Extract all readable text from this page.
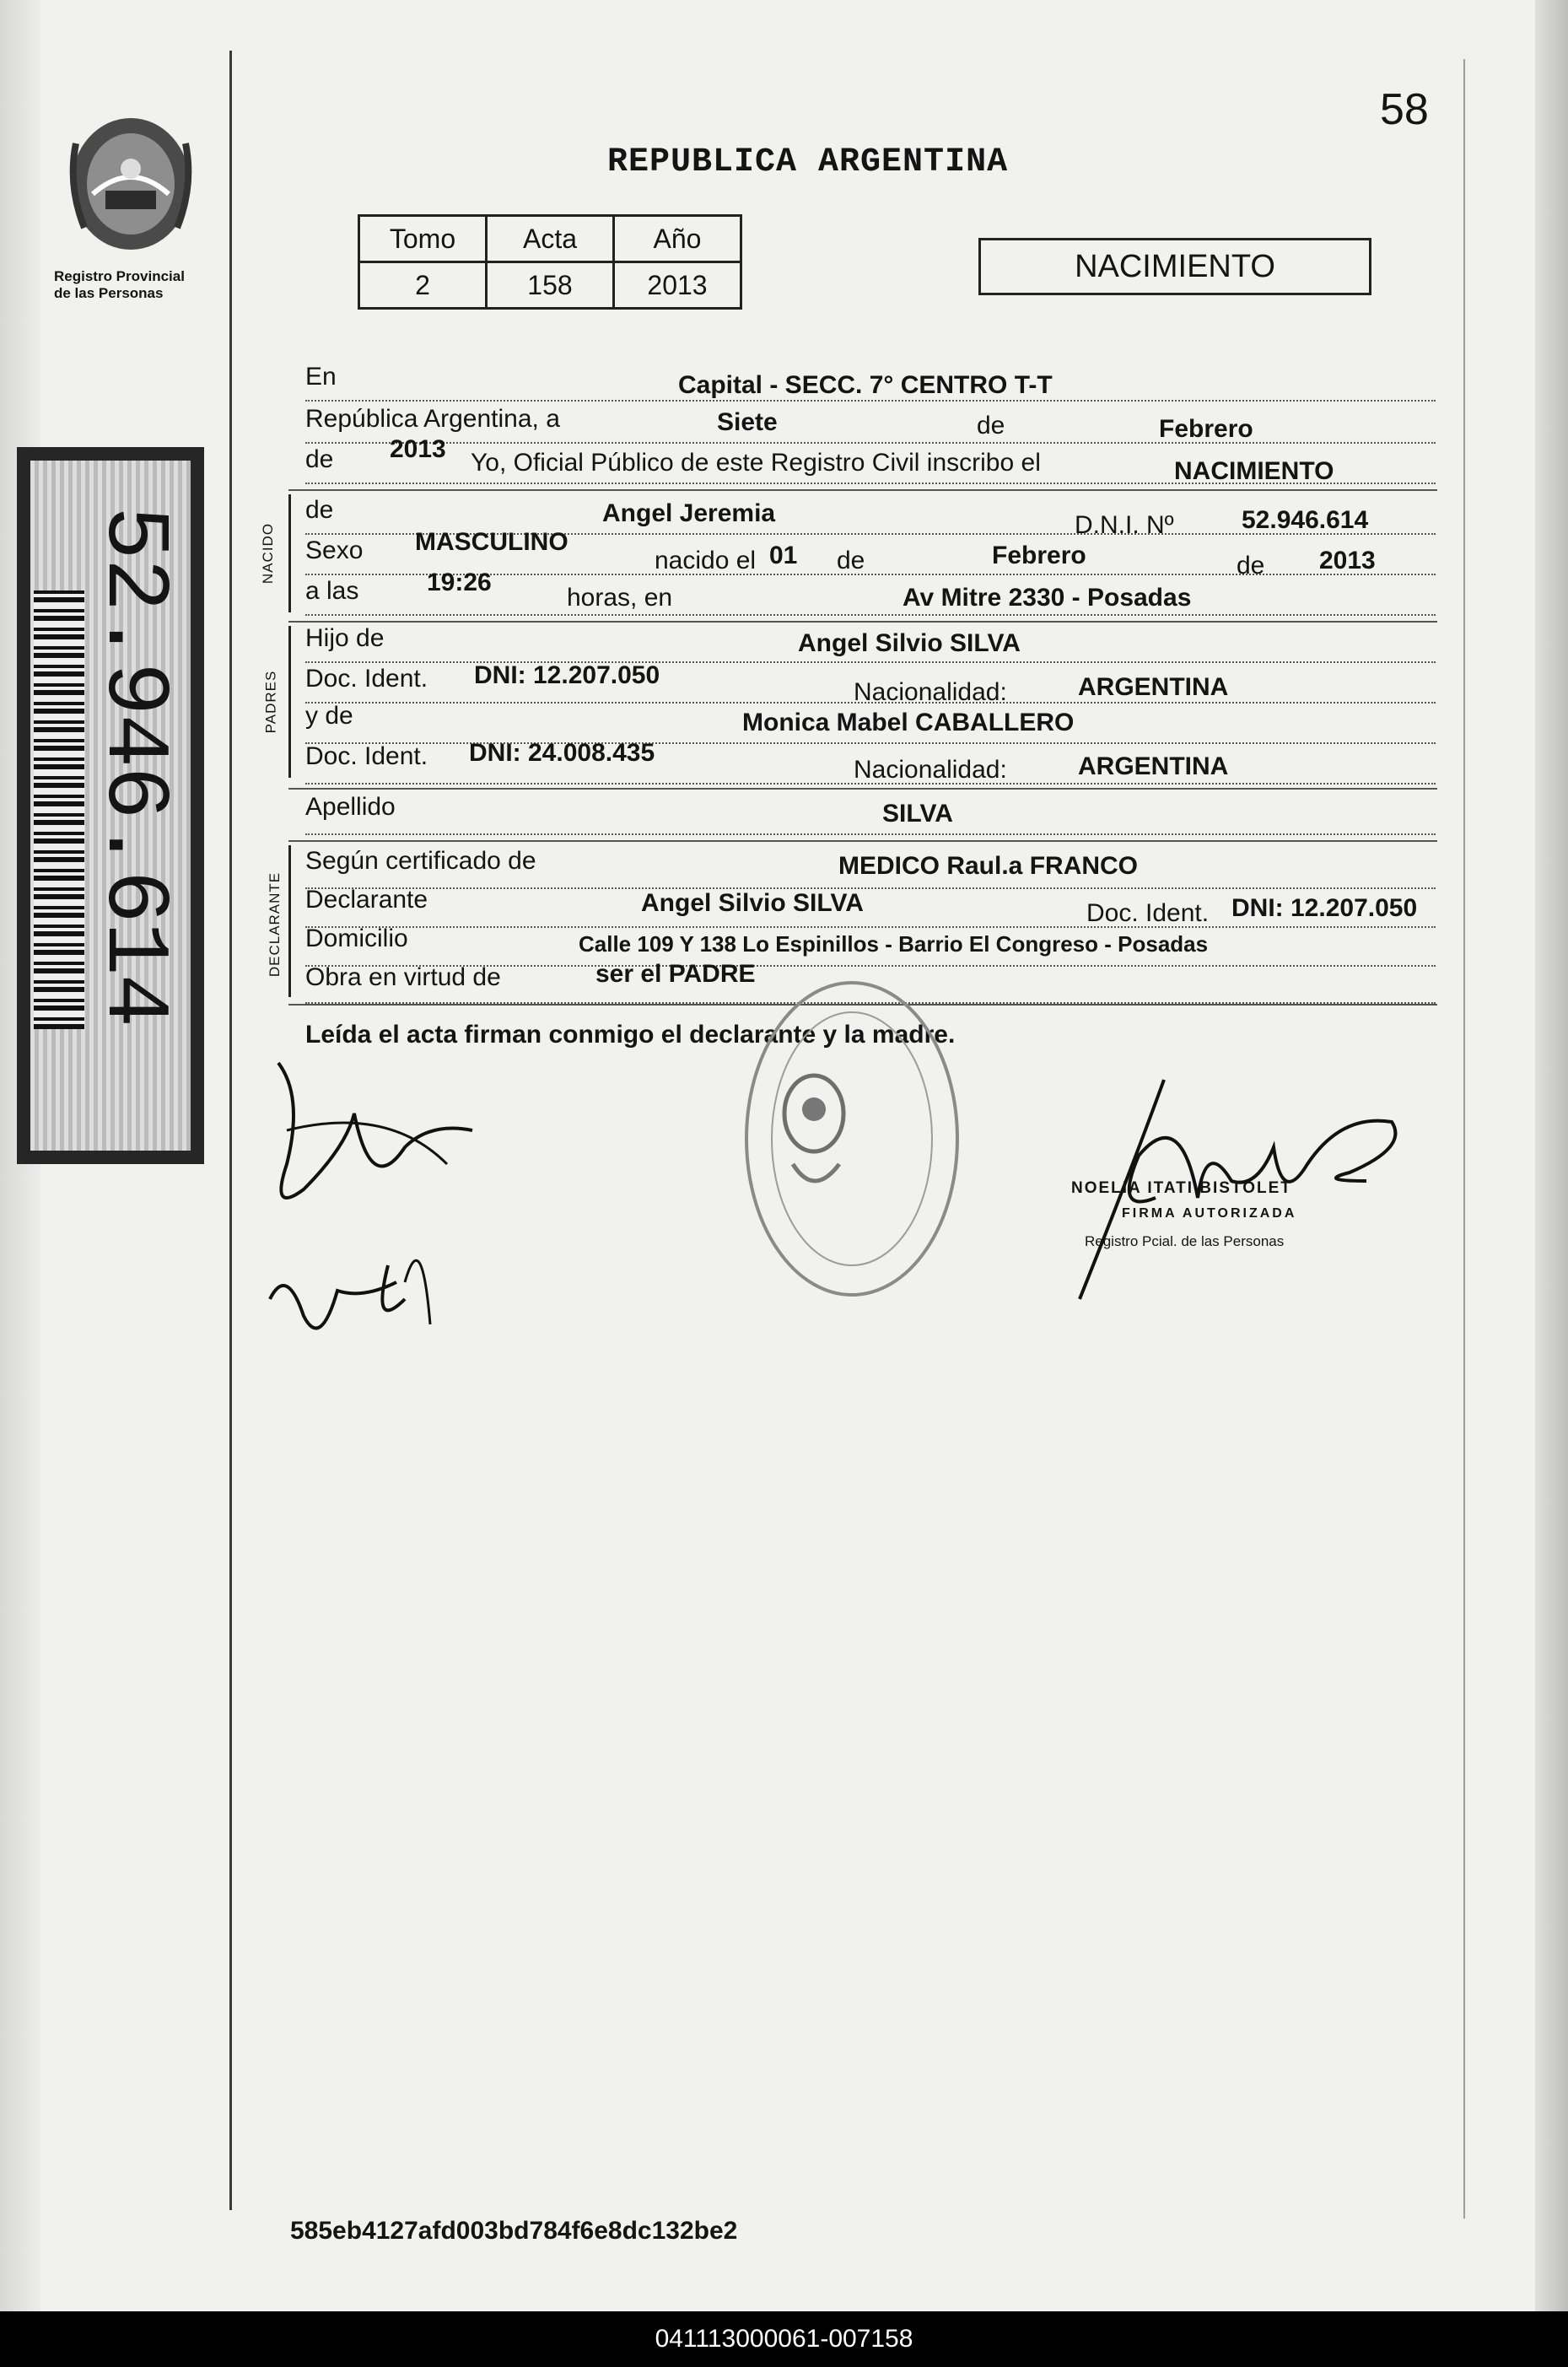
Registro Provincial
de las Personas
52.946.614
58
REPUBLICA ARGENTINA
Tomo	Acta	Año
2	158	2013
NACIMIENTO
En	Capital - SECC. 7° CENTRO T-T
República Argentina, a	Siete	de	Febrero
de 2013 Yo, Oficial Público de este Registro Civil inscribo el	NACIMIENTO
NACIDO
de	Angel Jeremia	D.N.I. Nº	52.946.614
Sexo MASCULINO
nacido el 01 de	Febrero	de 2013
a las	19:26
horas, en	Av Mitre 2330 - Posadas
PADRES
Hijo de	Angel Silvio SILVA
Doc. Ident. DNI: 12.207.050
Nacionalidad:	ARGENTINA
y de	Monica Mabel CABALLERO
Doc. Ident. DNI: 24.008.435
Nacionalidad:	ARGENTINA
Apellido	SILVA
DECLARANTE
Según certificado de	MEDICO Raul.a FRANCO
Declarante	Angel Silvio SILVA	Doc. Ident. DNI: 12.207.050
Domicilio	Calle 109 Y 138 Lo Espinillos - Barrio El Congreso - Posadas
Obra en virtud de	ser el PADRE
Leída el acta firman conmigo el declarante y la madre.
NOELIA ITATI BISTOLET
FIRMA AUTORIZADA
Registro Pcial. de las Personas
585eb4127afd003bd784f6e8dc132be2
041113000061-007158
